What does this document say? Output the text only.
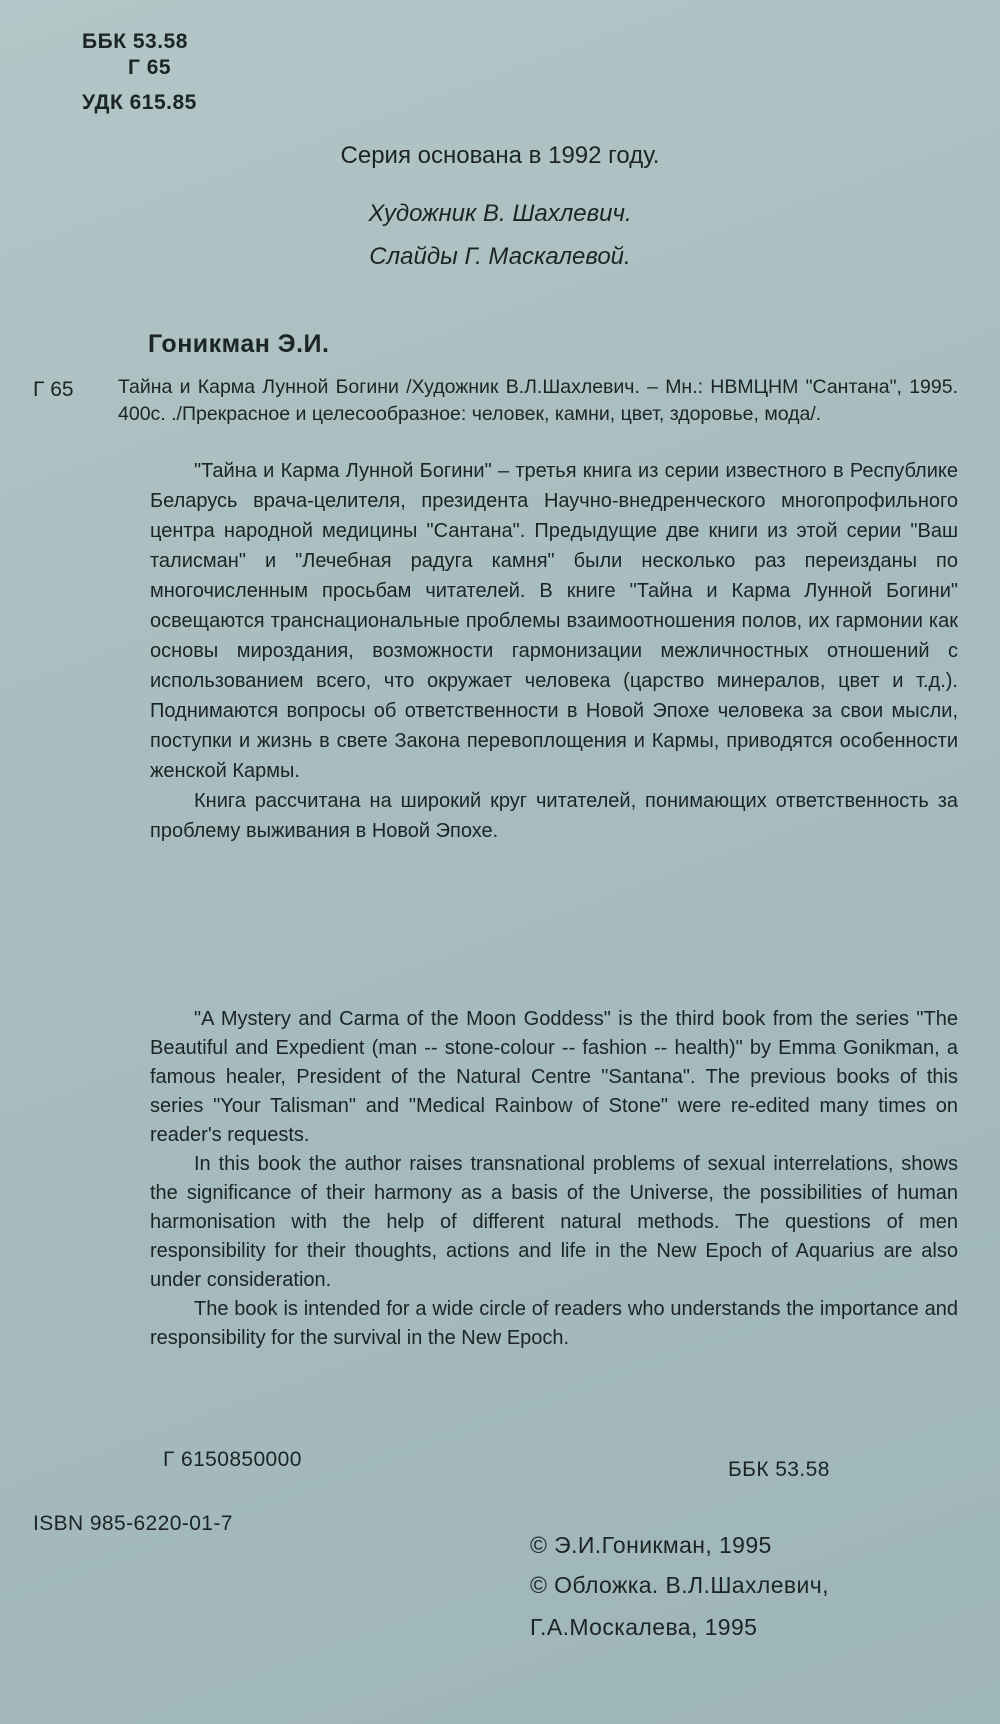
ББК 53.58
Г 65
УДК 615.85
Серия основана в 1992 году.
Художник В. Шахлевич.
Слайды Г. Маскалевой.
Гоникман Э.И.
Г 65 Тайна и Карма Лунной Богини /Художник В.Л.Шахлевич. – Мн.: НВМЦНМ "Сантана", 1995. 400с. ./Прекрасное и целесообразное: человек, камни, цвет, здоровье, мода/.

"Тайна и Карма Лунной Богини" – третья книга из серии известного в Республике Беларусь врача-целителя, президента Научно-внедренческого многопрофильного центра народной медицины "Сантана". Предыдущие две книги из этой серии "Ваш талисман" и "Лечебная радуга камня" были несколько раз переизданы по многочисленным просьбам читателей. В книге "Тайна и Карма Лунной Богини" освещаются транснациональные проблемы взаимоотношения полов, их гармонии как основы мироздания, возможности гармонизации межличностных отношений с использованием всего, что окружает человека (царство минералов, цвет и т.д.). Поднимаются вопросы об ответственности в Новой Эпохе человека за свои мысли, поступки и жизнь в свете Закона перевоплощения и Кармы, приводятся особенности женской Кармы.

Книга рассчитана на широкий круг читателей, понимающих ответственность за проблему выживания в Новой Эпохе.

"A Mystery and Carma of the Moon Goddess" is the third book from the series "The Beautiful and Expedient (man -- stone-colour -- fashion -- health)" by Emma Gonikman, a famous healer, President of the Natural Centre "Santana". The previous books of this series "Your Talisman" and "Medical Rainbow of Stone" were re-edited many times on reader's requests.

In this book the author raises transnational problems of sexual interrelations, shows the significance of their harmony as a basis of the Universe, the possibilities of human harmonisation with the help of different natural methods. The questions of men responsibility for their thoughts, actions and life in the New Epoch of Aquarius are also under consideration.

The book is intended for a wide circle of readers who understands the importance and responsibility for the survival in the New Epoch.

Г 6150850000	ББК 53.58
ISBN 985-6220-01-7
© Э.И.Гоникман, 1995
© Обложка. В.Л.Шахлевич,
Г.А.Москалева, 1995
